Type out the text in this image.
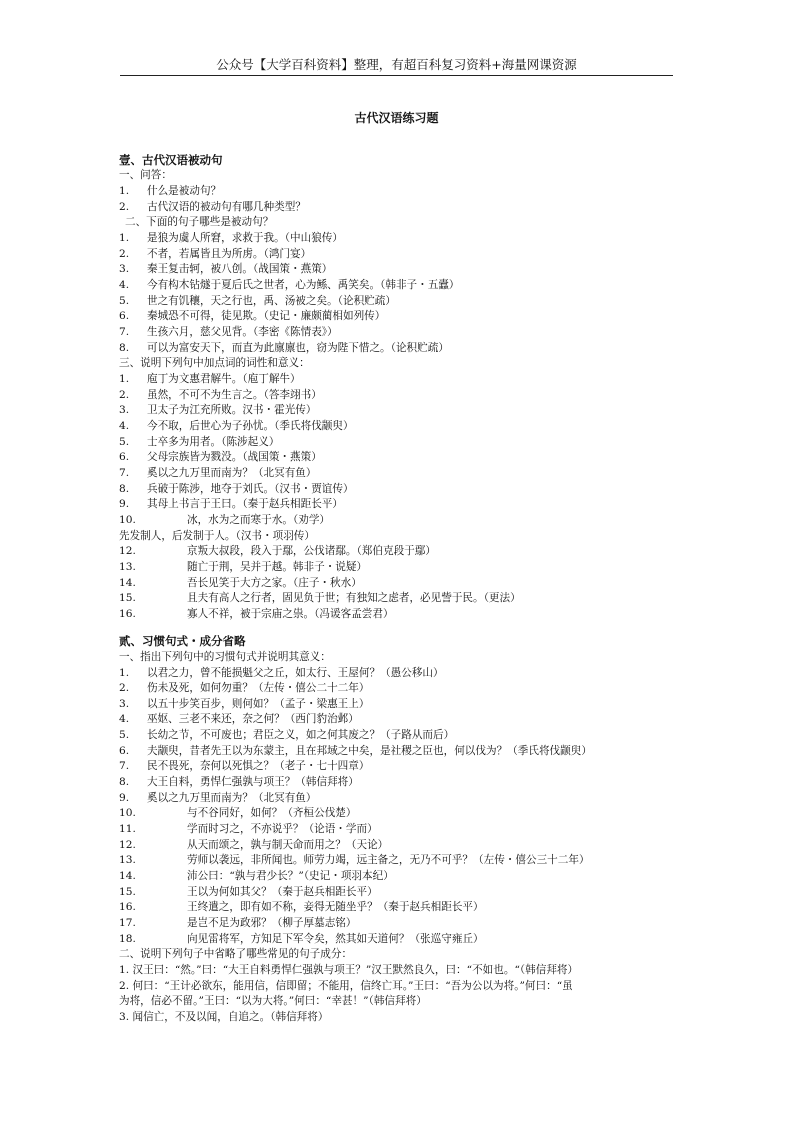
公众号【大学百科资料】整理，有超百科复习资料+海量网课资源
古代汉语练习题
壹、古代汉语被动句
一、问答：
1. 什么是被动句？
2. 古代汉语的被动句有哪几种类型？
二、下面的句子哪些是被动句？
1. 是狼为虞人所窘，求救于我。（中山狼传）
2. 不者，若属皆且为所虏。（鸿门宴）
3. 秦王复击轲，被八创。（战国策・燕策）
4. 今有构木钻燧于夏后氏之世者，心为鲧、禹笑矣。（韩非子・五蠹）
5. 世之有饥穰，天之行也，禹、汤被之矣。（论积贮疏）
6. 秦城恐不可得，徒见欺。（史记・廉颇蔺相如列传）
7. 生孩六月，慈父见背。（李密《陈情表》）
8. 可以为富安天下，而直为此廪廪也，窃为陛下惜之。（论积贮疏）
三、说明下列句中加点词的词性和意义：
1. 庖丁为文惠君解牛。（庖丁解牛）
2. 虽然，不可不为生言之。（答李翊书）
3. 卫太子为江充所败。汉书・霍光传）
4. 今不取，后世心为子孙忧。（季氏将伐颛臾）
5. 士卒多为用者。（陈涉起义）
6. 父母宗族皆为戮没。（战国策・燕策）
7. 奚以之九万里而南为？（北冥有鱼）
8. 兵破于陈涉，地夺于刘氏。（汉书・贾谊传）
9. 其母上书言于王曰。（秦于赵兵相距长平）
10.	冰，水为之而寒于水。（劝学）
先发制人，后发制于人。（汉书・项羽传）
12.	京叛大叔段，段入于鄢，公伐诸鄢。（郑伯克段于鄢）
13.	随亡于荆，吴并于越。韩非子・说疑）
14.	吾长见笑于大方之家。（庄子・秋水）
15.	且夫有高人之行者，固见负于世；有独知之虑者，必见訾于民。（更法）
16.	寡人不祥，被于宗庙之祟。（冯谖客孟尝君）
贰、习惯句式・成分省略
一、指出下列句中的习惯句式并说明其意义：
1. 以君之力，曾不能损魁父之丘，如太行、王屋何？（愚公移山）
2. 伤未及死，如何勿重？（左传・僖公二十二年）
3. 以五十步笑百步，则何如？（孟子・梁惠王上）
4. 巫妪、三老不来还，奈之何？（西门豹治邺）
5. 长幼之节，不可废也；君臣之义，如之何其废之？（子路从而后）
6. 夫颛臾，昔者先王以为东蒙主，且在邦域之中矣，是社稷之臣也，何以伐为？（季氏将伐颛臾）
7. 民不畏死，奈何以死惧之？（老子・七十四章）
8. 大王自料，勇悍仁强孰与项王？（韩信拜将）
9. 奚以之九万里而南为？（北冥有鱼）
10.	与不谷同好，如何？（齐桓公伐楚）
11.	学而时习之，不亦说乎？（论语・学而）
12.	从天而颂之，孰与制天命而用之？（天论）
13.	劳师以袭远，非所闻也。师劳力竭，远主备之，无乃不可乎？（左传・僖公三十二年）
14.	沛公曰：“孰与君少长？”（史记・项羽本纪）
15.	王以为何如其父？（秦于赵兵相距长平）
16.	王终遣之，即有如不称，妾得无随坐乎？（秦于赵兵相距长平）
17.	是岂不足为政邪？（柳子厚墓志铭）
18.	向见雷将军，方知足下军令矣，然其如天道何？（张巡守雍丘）
二、说明下列句子中省略了哪些常见的句子成分：
1. 汉王曰：“然。”曰：“大王自料勇悍仁强孰与项王？”汉王默然良久，曰：“不如也。“（韩信拜将）
2. 何曰：“王计必欲东，能用信，信即留；不能用，信终亡耳。”王曰：“吾为公以为将。”何曰：“虽
为将，信必不留。”王曰：“以为大将。”何曰：“幸甚！”（韩信拜将）
3. 闻信亡，不及以闻，自追之。（韩信拜将）
